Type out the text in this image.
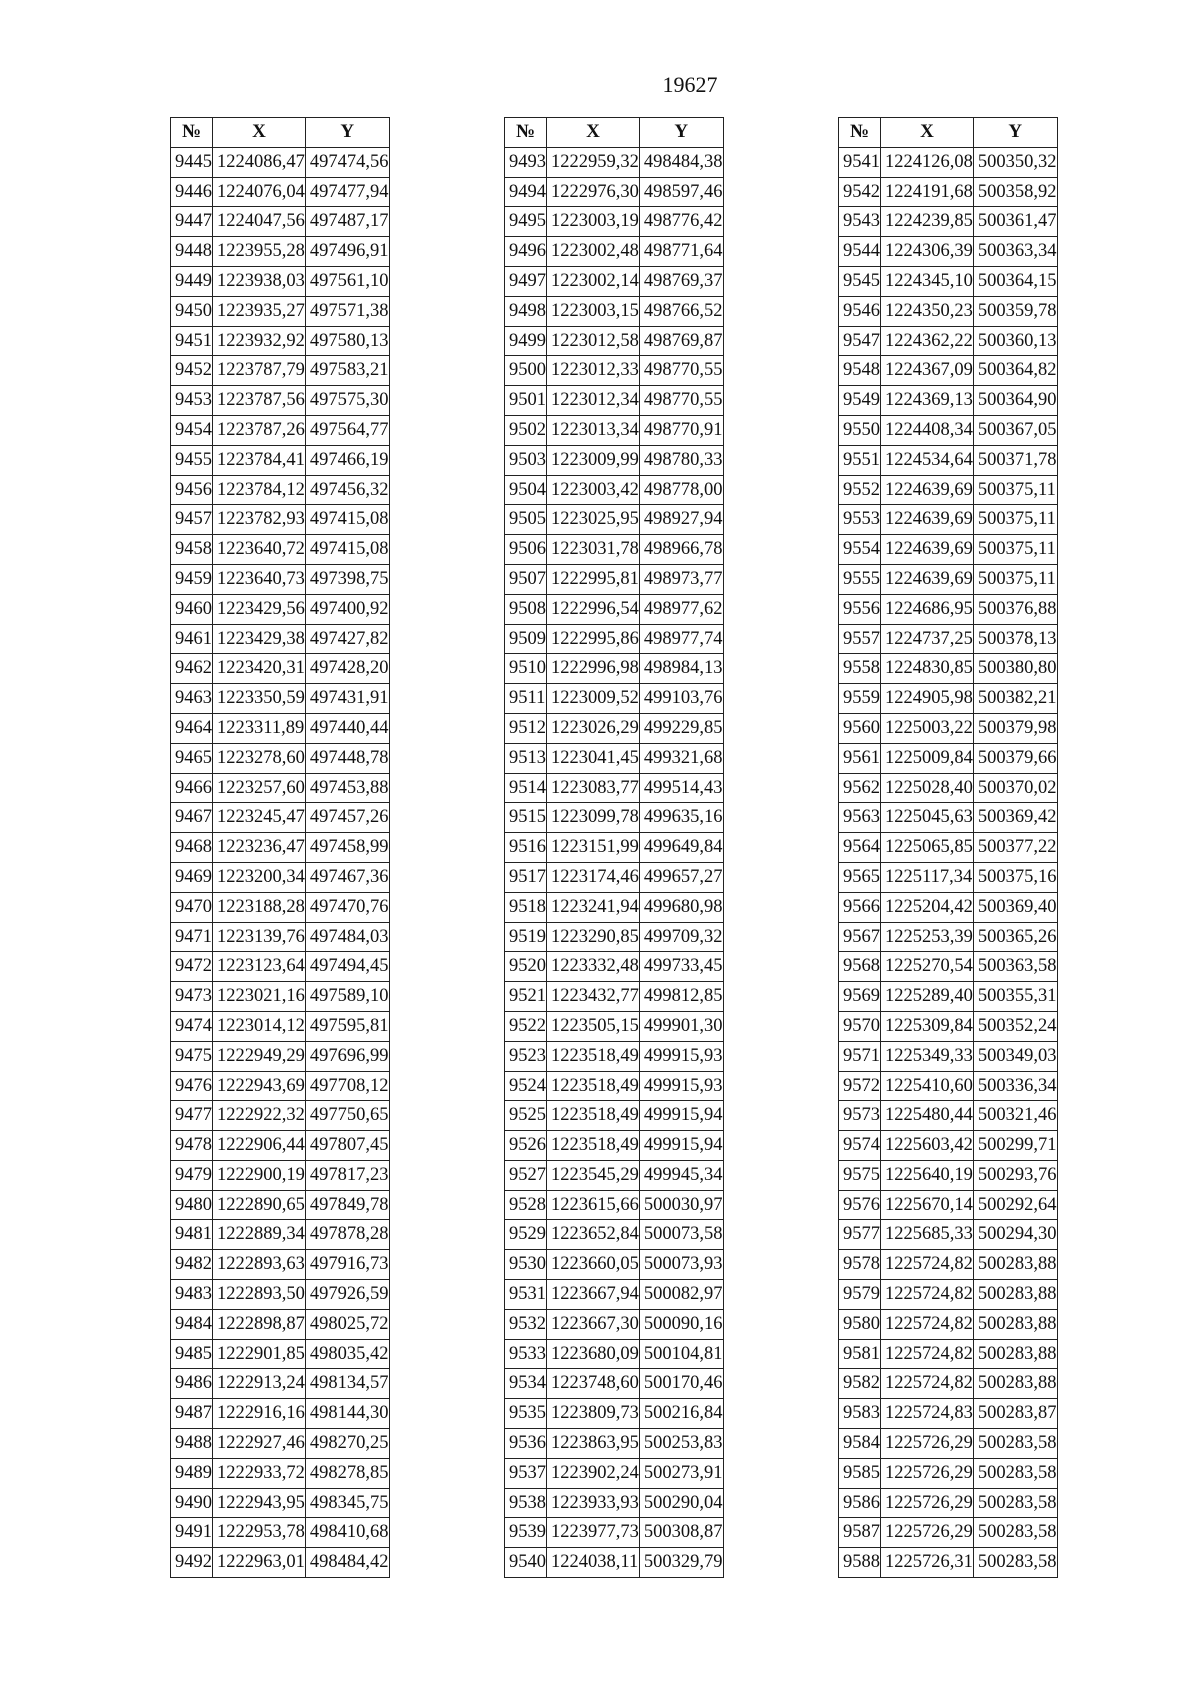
19627
№	X	Y
9445	1224086,47	497474,56
9446	1224076,04	497477,94
9447	1224047,56	497487,17
9448	1223955,28	497496,91
9449	1223938,03	497561,10
9450	1223935,27	497571,38
9451	1223932,92	497580,13
9452	1223787,79	497583,21
9453	1223787,56	497575,30
9454	1223787,26	497564,77
9455	1223784,41	497466,19
9456	1223784,12	497456,32
9457	1223782,93	497415,08
9458	1223640,72	497415,08
9459	1223640,73	497398,75
9460	1223429,56	497400,92
9461	1223429,38	497427,82
9462	1223420,31	497428,20
9463	1223350,59	497431,91
9464	1223311,89	497440,44
9465	1223278,60	497448,78
9466	1223257,60	497453,88
9467	1223245,47	497457,26
9468	1223236,47	497458,99
9469	1223200,34	497467,36
9470	1223188,28	497470,76
9471	1223139,76	497484,03
9472	1223123,64	497494,45
9473	1223021,16	497589,10
9474	1223014,12	497595,81
9475	1222949,29	497696,99
9476	1222943,69	497708,12
9477	1222922,32	497750,65
9478	1222906,44	497807,45
9479	1222900,19	497817,23
9480	1222890,65	497849,78
9481	1222889,34	497878,28
9482	1222893,63	497916,73
9483	1222893,50	497926,59
9484	1222898,87	498025,72
9485	1222901,85	498035,42
9486	1222913,24	498134,57
9487	1222916,16	498144,30
9488	1222927,46	498270,25
9489	1222933,72	498278,85
9490	1222943,95	498345,75
9491	1222953,78	498410,68
9492	1222963,01	498484,42
№	X	Y
9493	1222959,32	498484,38
9494	1222976,30	498597,46
9495	1223003,19	498776,42
9496	1223002,48	498771,64
9497	1223002,14	498769,37
9498	1223003,15	498766,52
9499	1223012,58	498769,87
9500	1223012,33	498770,55
9501	1223012,34	498770,55
9502	1223013,34	498770,91
9503	1223009,99	498780,33
9504	1223003,42	498778,00
9505	1223025,95	498927,94
9506	1223031,78	498966,78
9507	1222995,81	498973,77
9508	1222996,54	498977,62
9509	1222995,86	498977,74
9510	1222996,98	498984,13
9511	1223009,52	499103,76
9512	1223026,29	499229,85
9513	1223041,45	499321,68
9514	1223083,77	499514,43
9515	1223099,78	499635,16
9516	1223151,99	499649,84
9517	1223174,46	499657,27
9518	1223241,94	499680,98
9519	1223290,85	499709,32
9520	1223332,48	499733,45
9521	1223432,77	499812,85
9522	1223505,15	499901,30
9523	1223518,49	499915,93
9524	1223518,49	499915,93
9525	1223518,49	499915,94
9526	1223518,49	499915,94
9527	1223545,29	499945,34
9528	1223615,66	500030,97
9529	1223652,84	500073,58
9530	1223660,05	500073,93
9531	1223667,94	500082,97
9532	1223667,30	500090,16
9533	1223680,09	500104,81
9534	1223748,60	500170,46
9535	1223809,73	500216,84
9536	1223863,95	500253,83
9537	1223902,24	500273,91
9538	1223933,93	500290,04
9539	1223977,73	500308,87
9540	1224038,11	500329,79
№	X	Y
9541	1224126,08	500350,32
9542	1224191,68	500358,92
9543	1224239,85	500361,47
9544	1224306,39	500363,34
9545	1224345,10	500364,15
9546	1224350,23	500359,78
9547	1224362,22	500360,13
9548	1224367,09	500364,82
9549	1224369,13	500364,90
9550	1224408,34	500367,05
9551	1224534,64	500371,78
9552	1224639,69	500375,11
9553	1224639,69	500375,11
9554	1224639,69	500375,11
9555	1224639,69	500375,11
9556	1224686,95	500376,88
9557	1224737,25	500378,13
9558	1224830,85	500380,80
9559	1224905,98	500382,21
9560	1225003,22	500379,98
9561	1225009,84	500379,66
9562	1225028,40	500370,02
9563	1225045,63	500369,42
9564	1225065,85	500377,22
9565	1225117,34	500375,16
9566	1225204,42	500369,40
9567	1225253,39	500365,26
9568	1225270,54	500363,58
9569	1225289,40	500355,31
9570	1225309,84	500352,24
9571	1225349,33	500349,03
9572	1225410,60	500336,34
9573	1225480,44	500321,46
9574	1225603,42	500299,71
9575	1225640,19	500293,76
9576	1225670,14	500292,64
9577	1225685,33	500294,30
9578	1225724,82	500283,88
9579	1225724,82	500283,88
9580	1225724,82	500283,88
9581	1225724,82	500283,88
9582	1225724,82	500283,88
9583	1225724,83	500283,87
9584	1225726,29	500283,58
9585	1225726,29	500283,58
9586	1225726,29	500283,58
9587	1225726,29	500283,58
9588	1225726,31	500283,58
